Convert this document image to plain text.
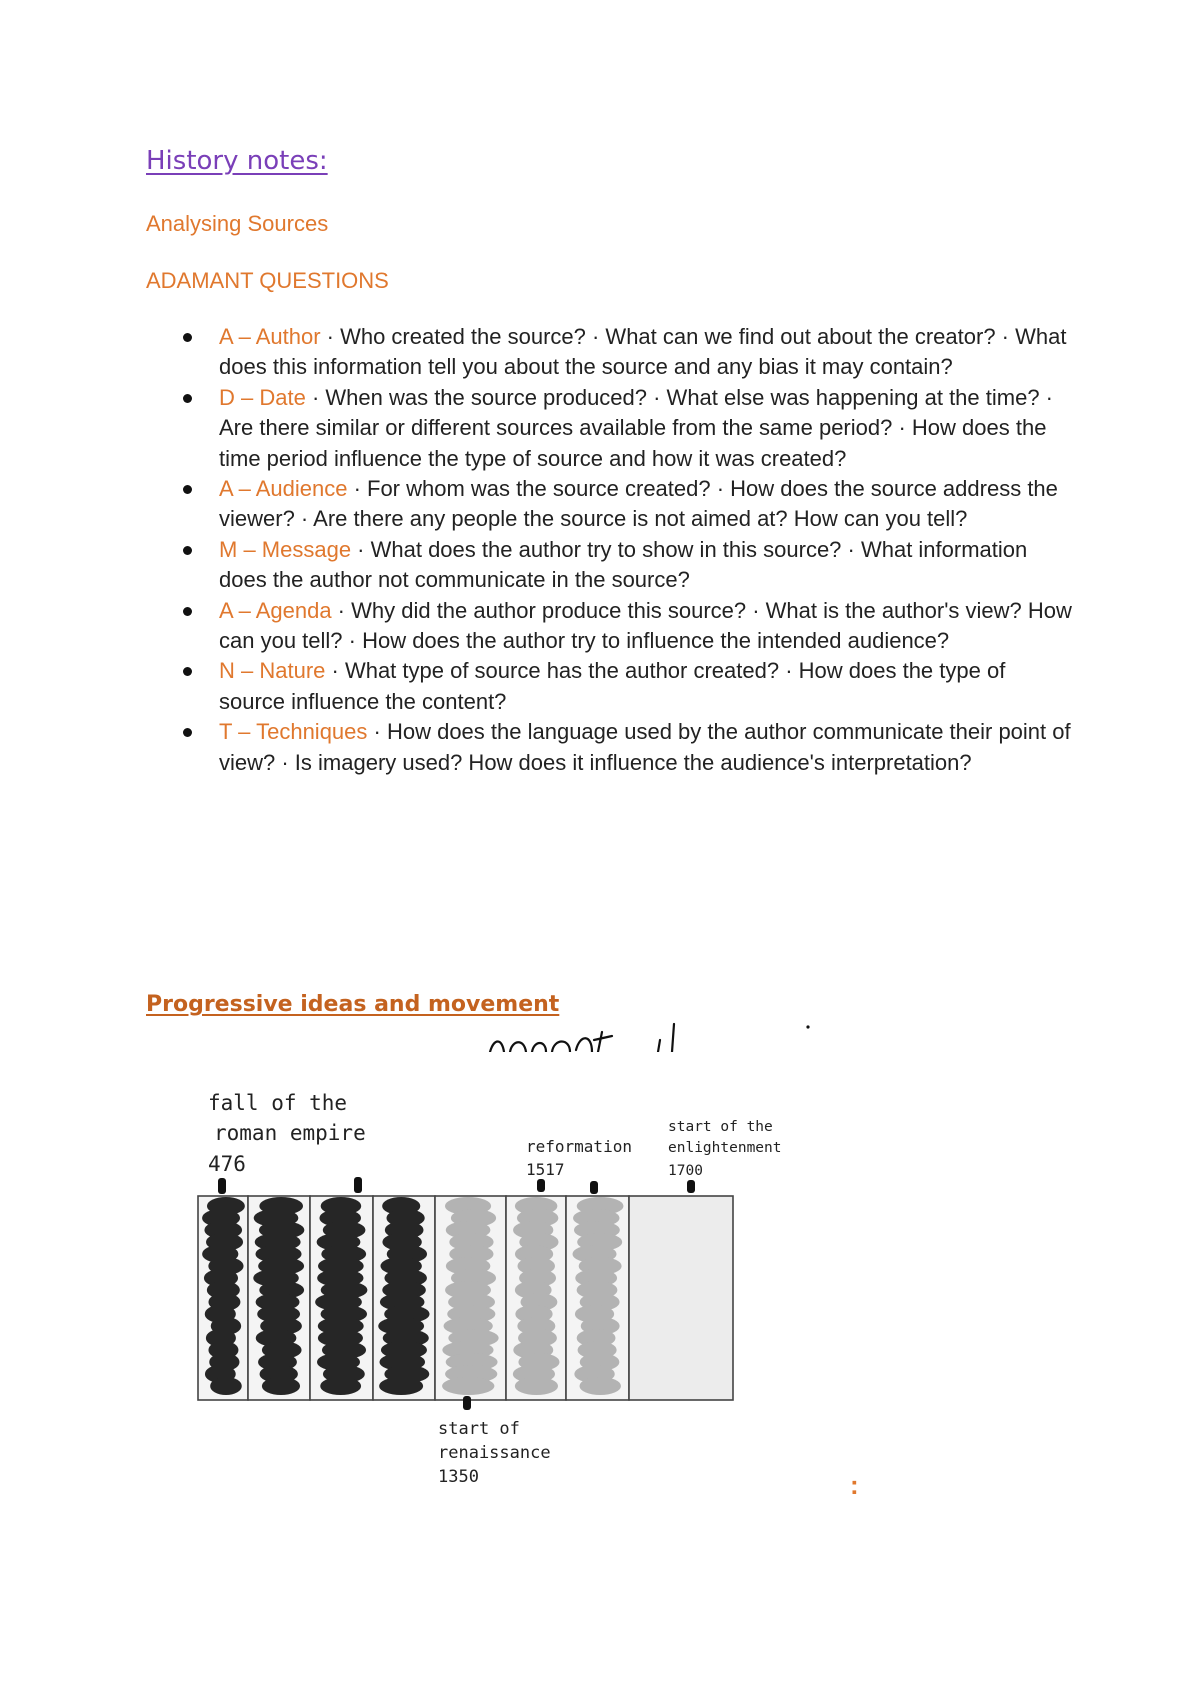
History notes:

Analysing Sources

ADAMANT QUESTIONS

A – Author · Who created the source? · What can we find out about the creator? · What does this information tell you about the source and any bias it may contain?
D – Date · When was the source produced? · What else was happening at the time? · Are there similar or different sources available from the same period? · How does the time period influence the type of source and how it was created?
A – Audience · For whom was the source created? · How does the source address the viewer? · Are there any people the source is not aimed at? How can you tell?
M – Message · What does the author try to show in this source? · What information does the author not communicate in the source?
A – Agenda · Why did the author produce this source? · What is the author's view? How can you tell? · How does the author try to influence the intended audience?
N – Nature · What type of source has the author created? · How does the type of source influence the content?
T – Techniques · How does the language used by the author communicate their point of view? · Is imagery used? How does it influence the audience's interpretation?
Progressive ideas and movement
fall of the
roman empire
476
reformation
1517
start of the
enlightenment
1700
start of
renaissance
1350	:
